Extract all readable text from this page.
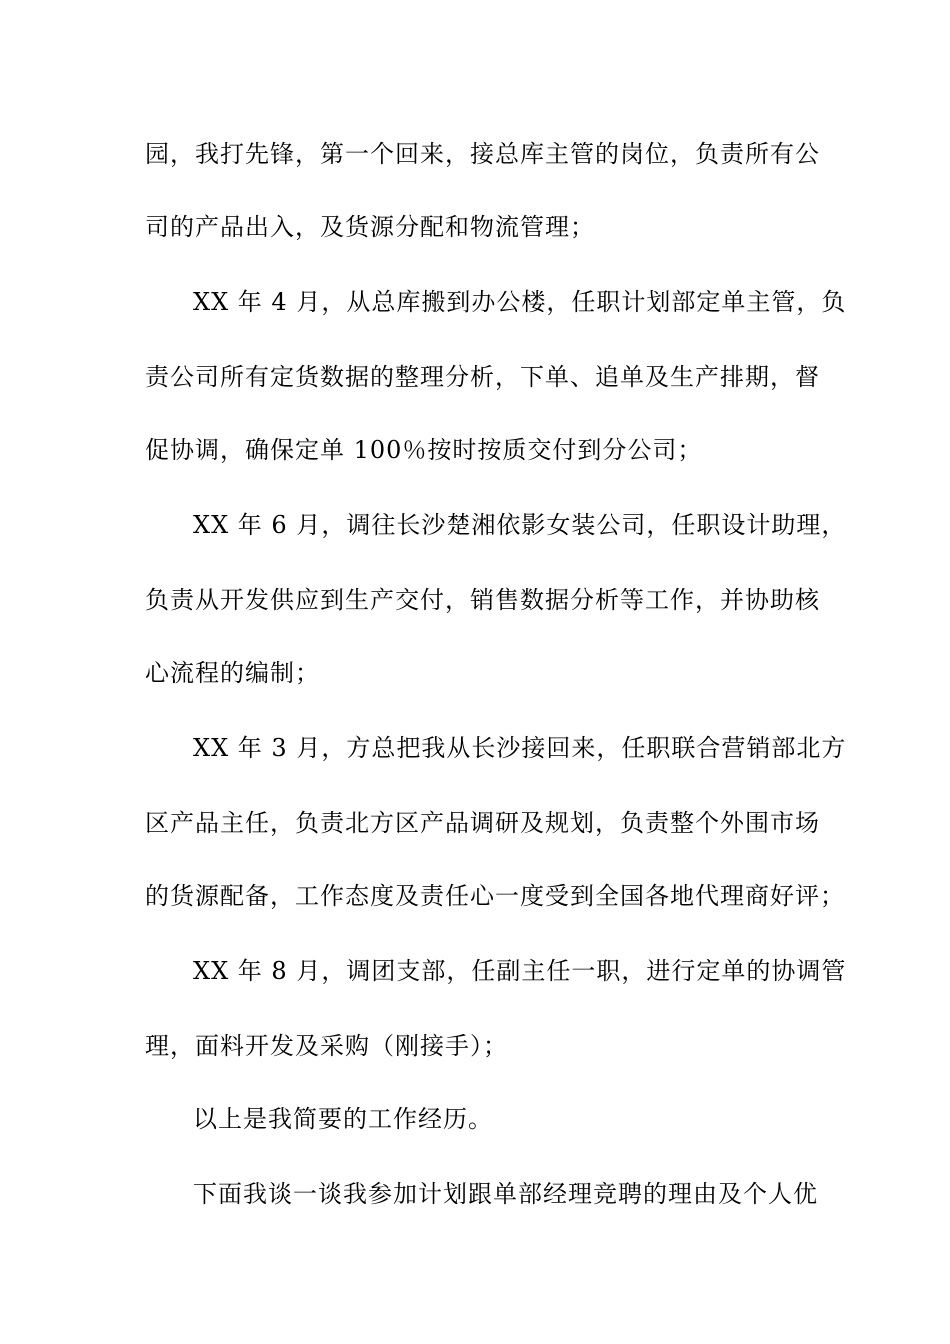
园，我打先锋，第一个回来，接总库主管的岗位，负责所有公
司的产品出入，及货源分配和物流管理；
XX 年 4 月，从总库搬到办公楼，任职计划部定单主管，负
责公司所有定货数据的整理分析，下单、追单及生产排期，督
促协调，确保定单 100％按时按质交付到分公司；
XX 年 6 月，调往长沙楚湘依影女装公司，任职设计助理，
负责从开发供应到生产交付，销售数据分析等工作，并协助核
心流程的编制；
XX 年 3 月，方总把我从长沙接回来，任职联合营销部北方
区产品主任，负责北方区产品调研及规划，负责整个外围市场
的货源配备，工作态度及责任心一度受到全国各地代理商好评；
XX 年 8 月，调团支部，任副主任一职，进行定单的协调管
理，面料开发及采购（刚接手）；
以上是我简要的工作经历。
下面我谈一谈我参加计划跟单部经理竞聘的理由及个人优
